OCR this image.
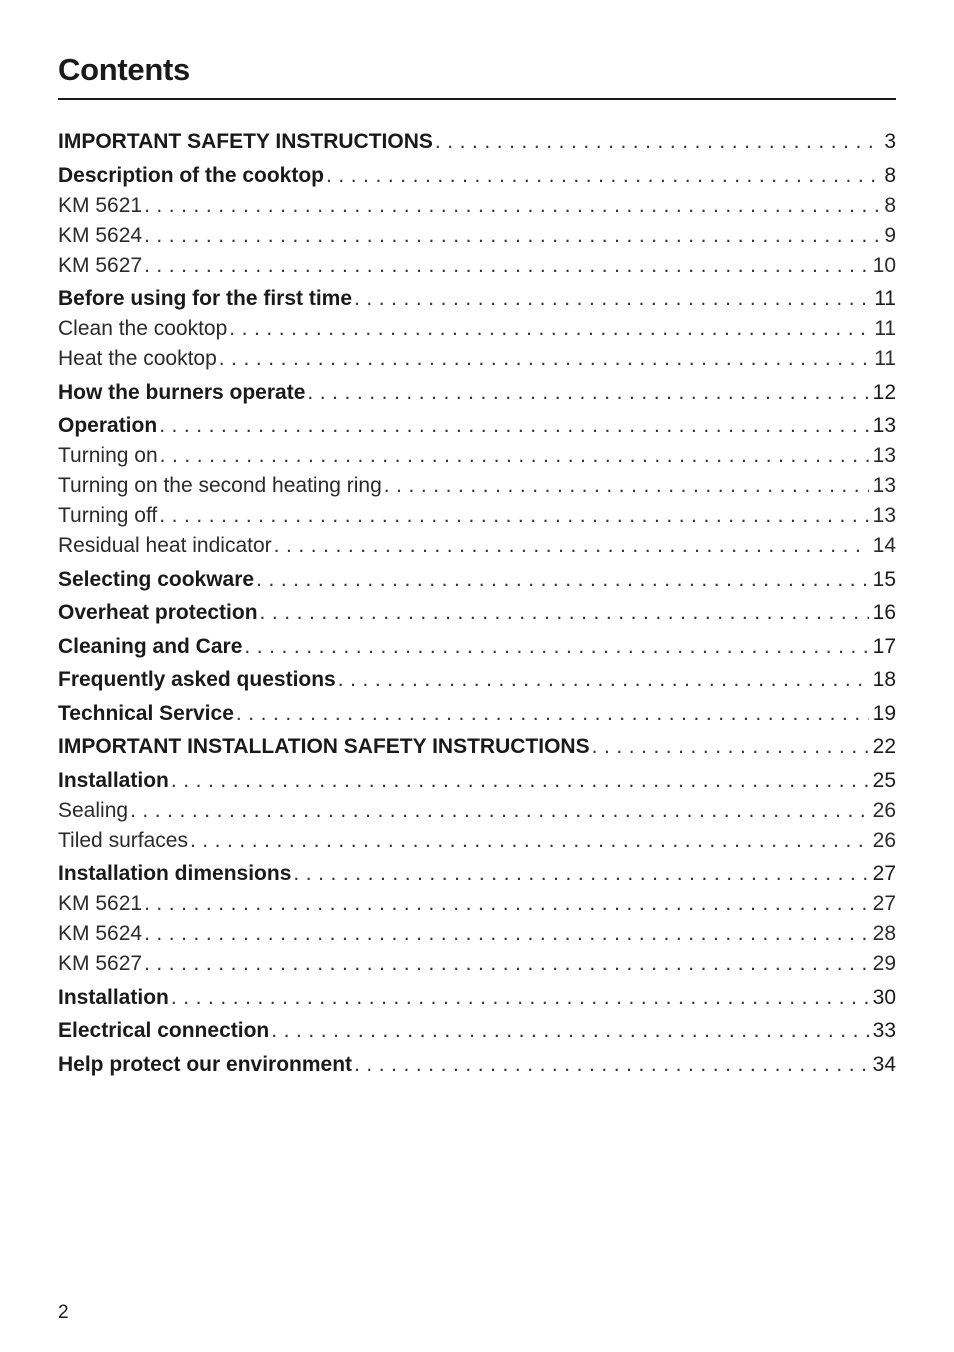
Contents
IMPORTANT SAFETY INSTRUCTIONS . . .	3
Description of the cooktop . . .	8
KM 5621 . . .	8
KM 5624 . . .	9
KM 5627 . . .	10
Before using for the first time . . .	11
Clean the cooktop . . .	11
Heat the cooktop . . .	11
How the burners operate . . .	12
Operation . . .	13
Turning on . . .	13
Turning on the second heating ring . . .	13
Turning off . . .	13
Residual heat indicator . . .	14
Selecting cookware . . .	15
Overheat protection . . .	16
Cleaning and Care . . .	17
Frequently asked questions . . .	18
Technical Service . . .	19
IMPORTANT INSTALLATION SAFETY INSTRUCTIONS . . .	22
Installation . . .	25
Sealing . . .	26
Tiled surfaces . . .	26
Installation dimensions . . .	27
KM 5621 . . .	27
KM 5624 . . .	28
KM 5627 . . .	29
Installation . . .	30
Electrical connection . . .	33
Help protect our environment . . .	34
2
